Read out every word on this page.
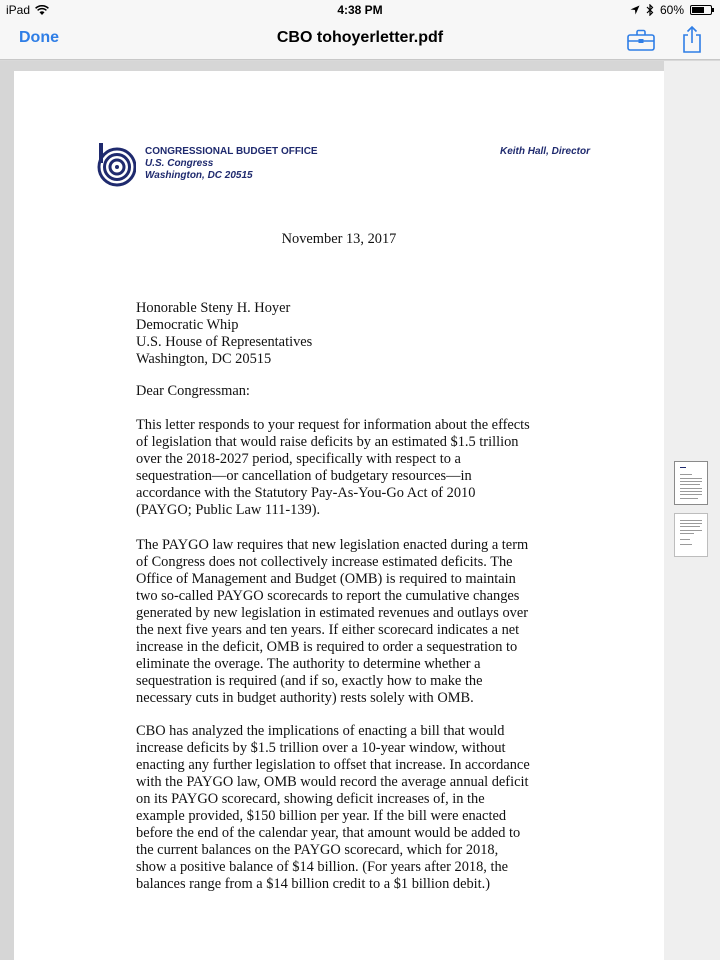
iPad	4:38 PM	60%
Done	CBO tohoyerletter.pdf
CONGRESSIONAL BUDGET OFFICE
U.S. Congress
Washington, DC 20515
Keith Hall, Director
November 13, 2017
Honorable Steny H. Hoyer
Democratic Whip
U.S. House of Representatives
Washington, DC 20515
Dear Congressman:
This letter responds to your request for information about the effects
of legislation that would raise deficits by an estimated $1.5 trillion
over the 2018-2027 period, specifically with respect to a
sequestration—or cancellation of budgetary resources—in
accordance with the Statutory Pay-As-You-Go Act of 2010
(PAYGO; Public Law 111-139).
The PAYGO law requires that new legislation enacted during a term
of Congress does not collectively increase estimated deficits. The
Office of Management and Budget (OMB) is required to maintain
two so-called PAYGO scorecards to report the cumulative changes
generated by new legislation in estimated revenues and outlays over
the next five years and ten years. If either scorecard indicates a net
increase in the deficit, OMB is required to order a sequestration to
eliminate the overage. The authority to determine whether a
sequestration is required (and if so, exactly how to make the
necessary cuts in budget authority) rests solely with OMB.
CBO has analyzed the implications of enacting a bill that would
increase deficits by $1.5 trillion over a 10-year window, without
enacting any further legislation to offset that increase. In accordance
with the PAYGO law, OMB would record the average annual deficit
on its PAYGO scorecard, showing deficit increases of, in the
example provided, $150 billion per year. If the bill were enacted
before the end of the calendar year, that amount would be added to
the current balances on the PAYGO scorecard, which for 2018,
show a positive balance of $14 billion. (For years after 2018, the
balances range from a $14 billion credit to a $1 billion debit.)
